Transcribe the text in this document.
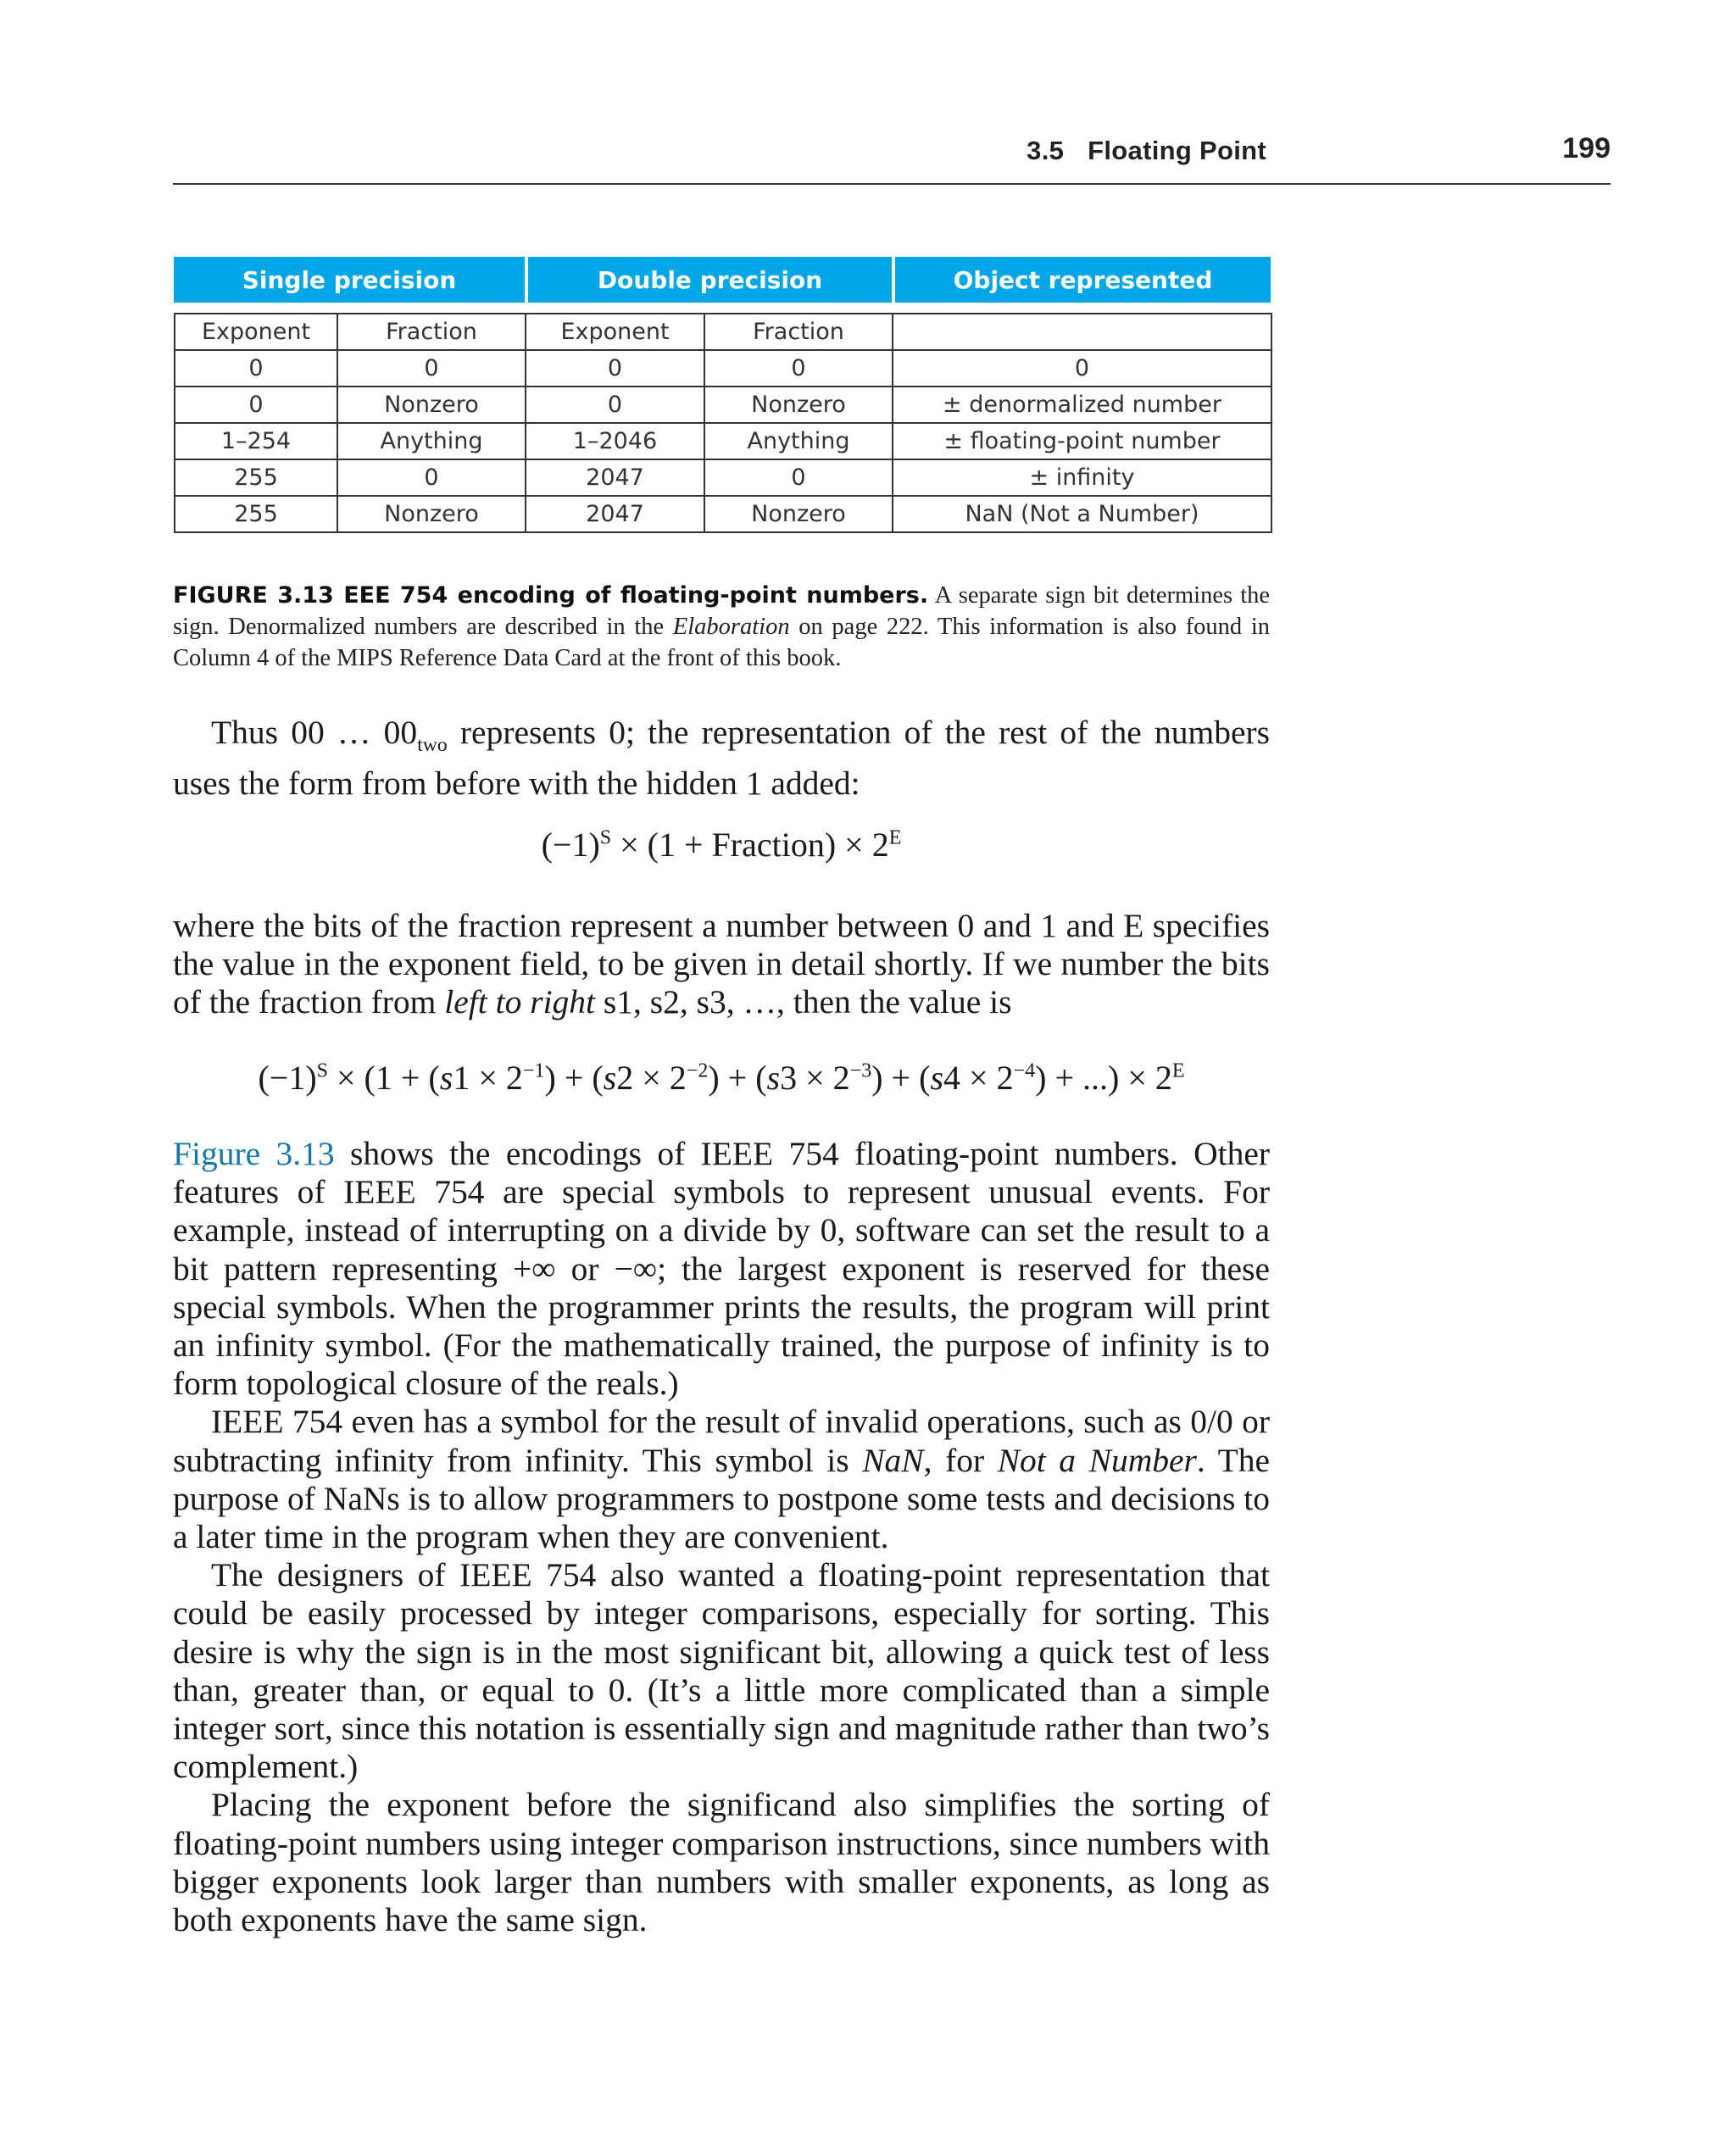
3.5 Floating Point	199
Single precision	Double precision	Object represented
Exponent	Fraction	Exponent	Fraction	
0	0	0	0	0
0	Nonzero	0	Nonzero	± denormalized number
1–254	Anything	1–2046	Anything	± floating-point number
255	0	2047	0	± infinity
255	Nonzero	2047	Nonzero	NaN (Not a Number)
FIGURE 3.13 EEE 754 encoding of floating-point numbers. A separate sign bit determines the sign. Denormalized numbers are described in the Elaboration on page 222. This information is also found in Column 4 of the MIPS Reference Data Card at the front of this book.
Thus 00 … $00_{two}$ represents 0; the representation of the rest of the numbers uses the form from before with the hidden 1 added:
$(-1)^S \times (1$ + Fraction) × $2^E$
where the bits of the fraction represent a number between 0 and 1 and E specifies the value in the exponent field, to be given in detail shortly. If we number the bits of the fraction from left to right s1, s2, s3, …, then the value is
$(-1)^S \times (1 + (s1 \times 2^{-1}) + (s2 \times 2^{-2}) + (s3 \times 2^{-3}) + (s4 \times 2^{-4})$ + ...) × $2^E$

Figure 3.13 shows the encodings of IEEE 754 floating-point numbers. Other features of IEEE 754 are special symbols to represent unusual events. For example, instead of interrupting on a divide by 0, software can set the result to a bit pattern representing +∞ or −∞; the largest exponent is reserved for these special symbols. When the programmer prints the results, the program will print an infinity symbol. (For the mathematically trained, the purpose of infinity is to form topological closure of the reals.)

IEEE 754 even has a symbol for the result of invalid operations, such as 0/0 or subtracting infinity from infinity. This symbol is NaN, for Not a Number. The purpose of NaNs is to allow programmers to postpone some tests and decisions to a later time in the program when they are convenient.

The designers of IEEE 754 also wanted a floating-point representation that could be easily processed by integer comparisons, especially for sorting. This desire is why the sign is in the most significant bit, allowing a quick test of less than, greater than, or equal to 0. (It’s a little more complicated than a simple integer sort, since this notation is essentially sign and magnitude rather than two’s complement.)

Placing the exponent before the significand also simplifies the sorting of floating-point numbers using integer comparison instructions, since numbers with bigger exponents look larger than numbers with smaller exponents, as long as both exponents have the same sign.
